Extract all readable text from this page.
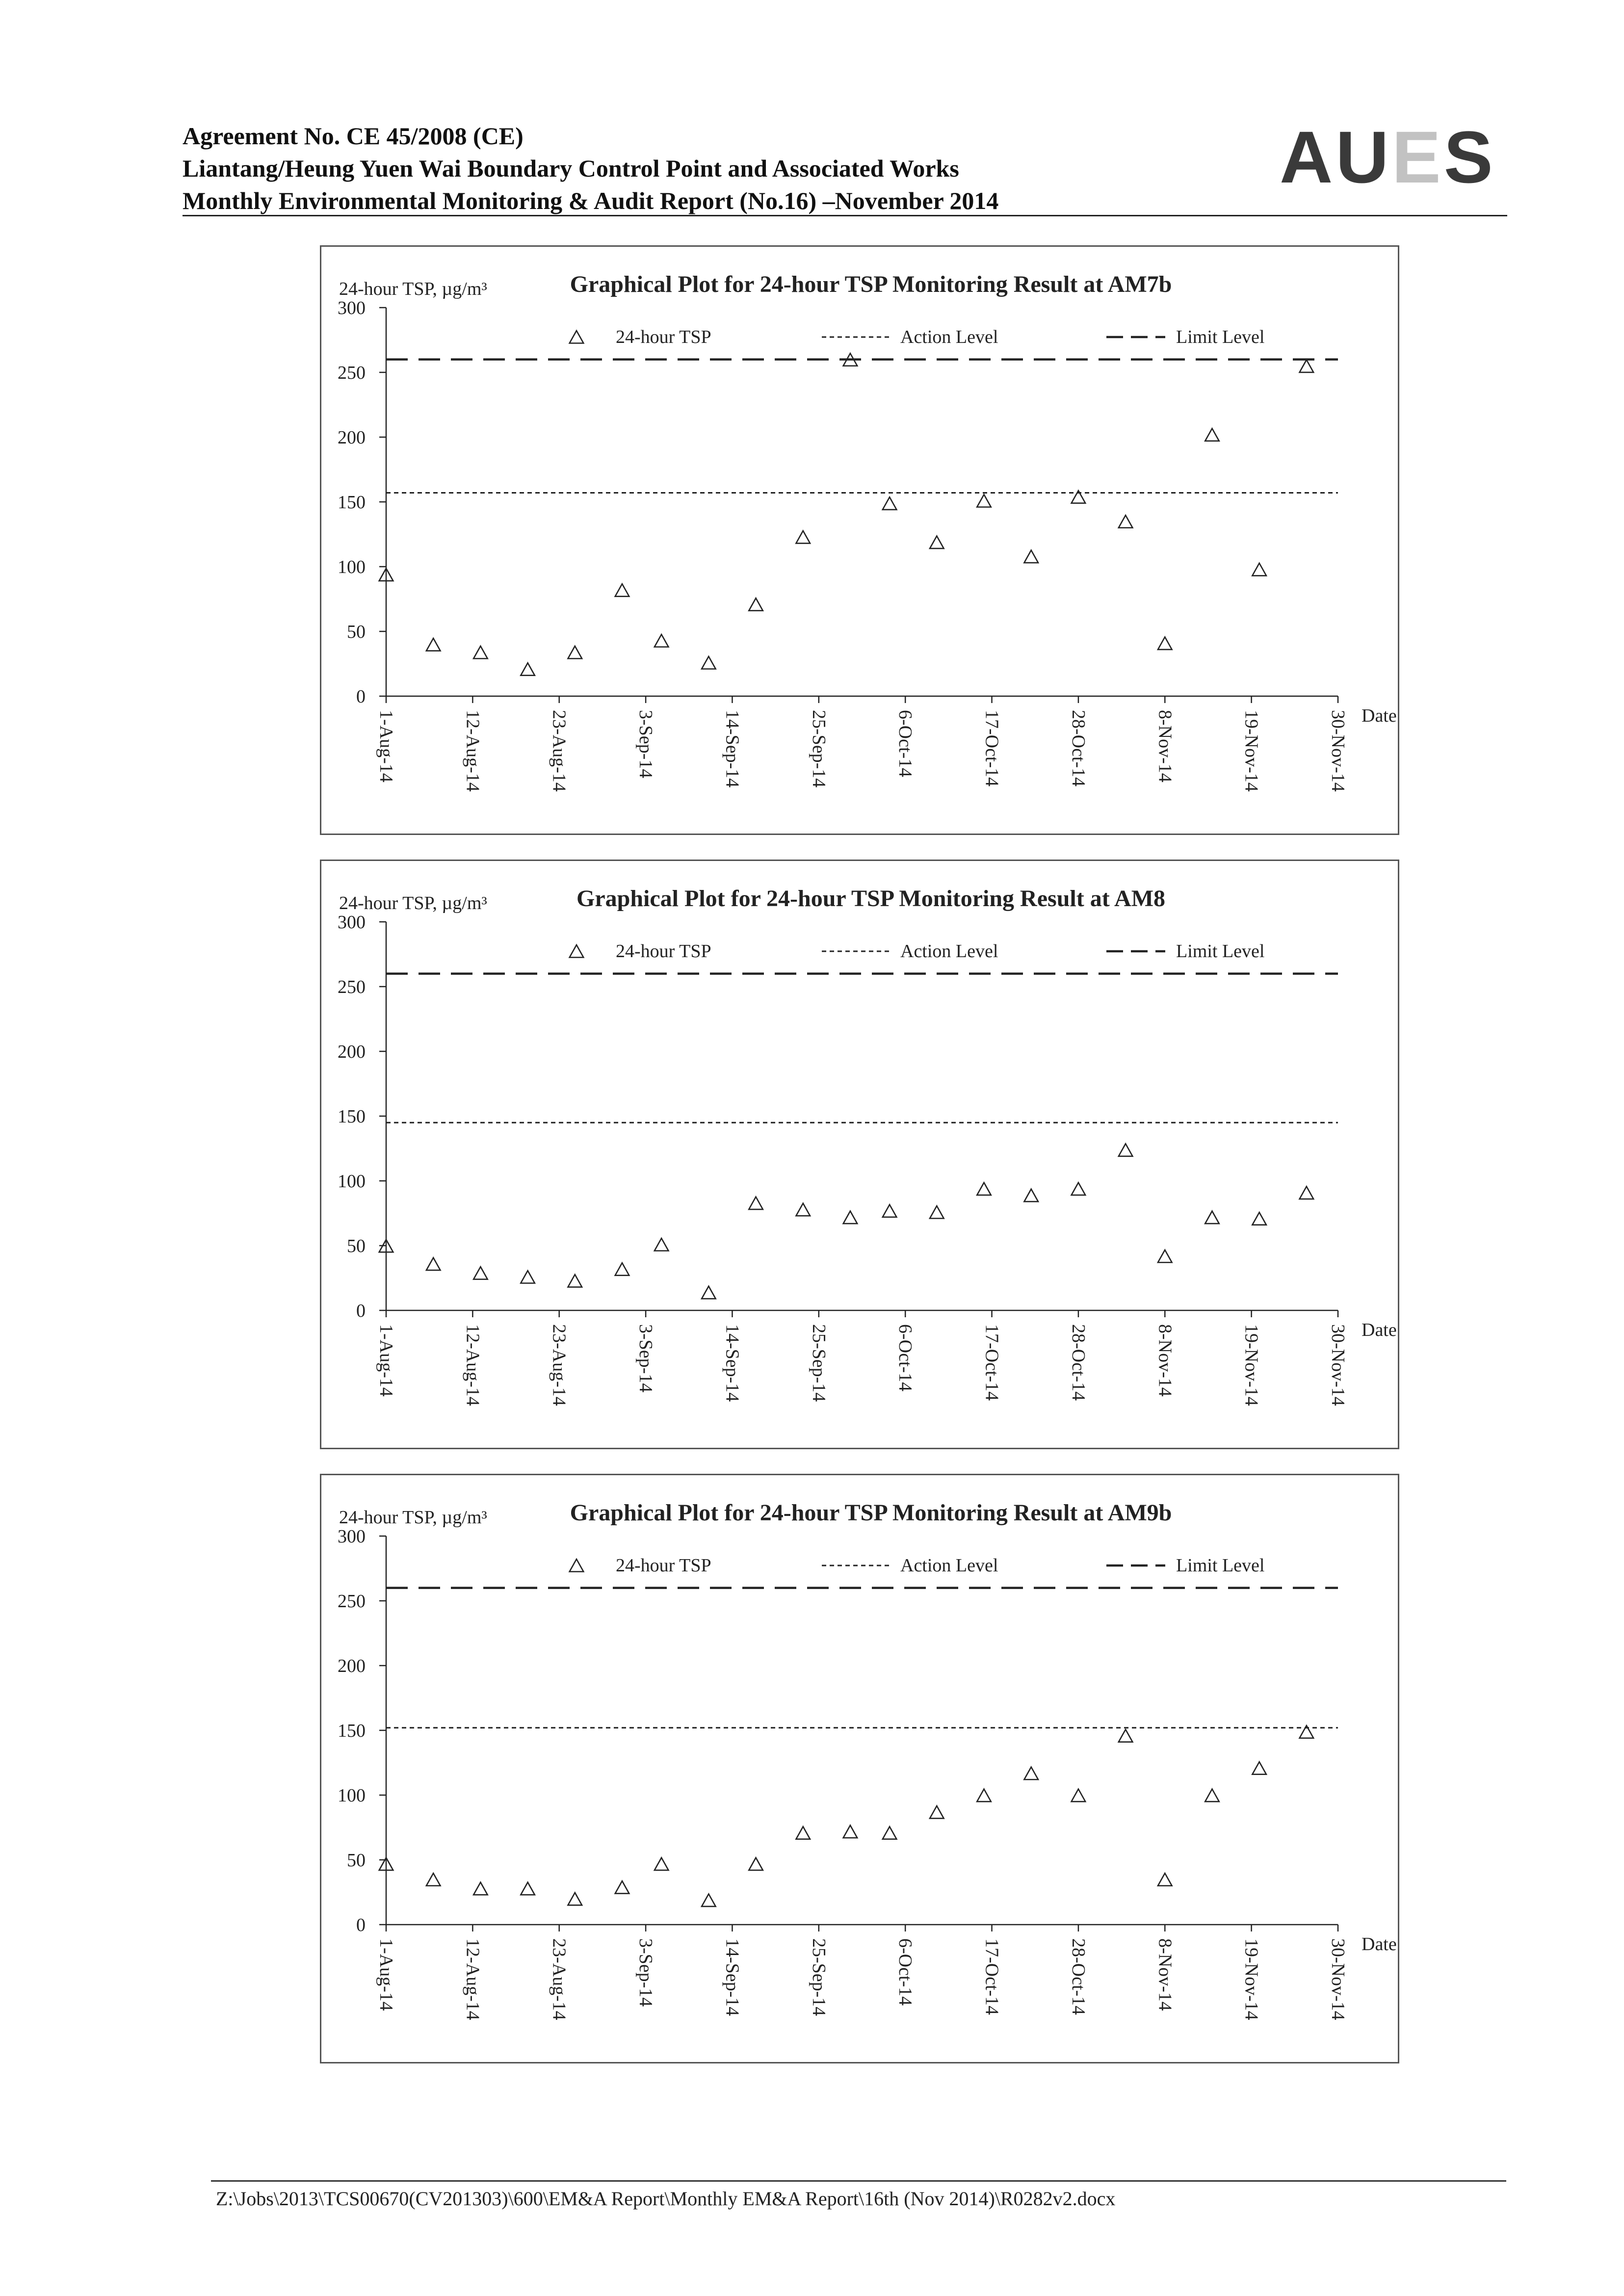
Agreement No. CE 45/2008 (CE)
Liantang/Heung Yuen Wai Boundary Control Point and Associated Works
Monthly Environmental Monitoring & Audit Report (No.16) –November 2014
AUES
Graphical Plot for 24-hour TSP Monitoring Result at AM7b
24-hour TSP, µg/m³
0
50
100
150
200
250
300
1-Aug-14	12-Aug-14	23-Aug-14	3-Sep-14	14-Sep-14	25-Sep-14	6-Oct-14	17-Oct-14	28-Oct-14	8-Nov-14	19-Nov-14	30-Nov-14 Date
24-hour TSP	Action Level	Limit Level
Graphical Plot for 24-hour TSP Monitoring Result at AM8
24-hour TSP, µg/m³
0
50
100
150
200
250
300
1-Aug-14	12-Aug-14	23-Aug-14	3-Sep-14	14-Sep-14	25-Sep-14	6-Oct-14	17-Oct-14	28-Oct-14	8-Nov-14	19-Nov-14	30-Nov-14 Date
24-hour TSP	Action Level	Limit Level
Graphical Plot for 24-hour TSP Monitoring Result at AM9b
24-hour TSP, µg/m³
0
50
100
150
200
250
300
1-Aug-14	12-Aug-14	23-Aug-14	3-Sep-14	14-Sep-14	25-Sep-14	6-Oct-14	17-Oct-14	28-Oct-14	8-Nov-14	19-Nov-14	30-Nov-14 Date
24-hour TSP	Action Level	Limit Level
Z:\Jobs\2013\TCS00670(CV201303)\600\EM&A Report\Monthly EM&A Report\16th (Nov 2014)\R0282v2.docx
